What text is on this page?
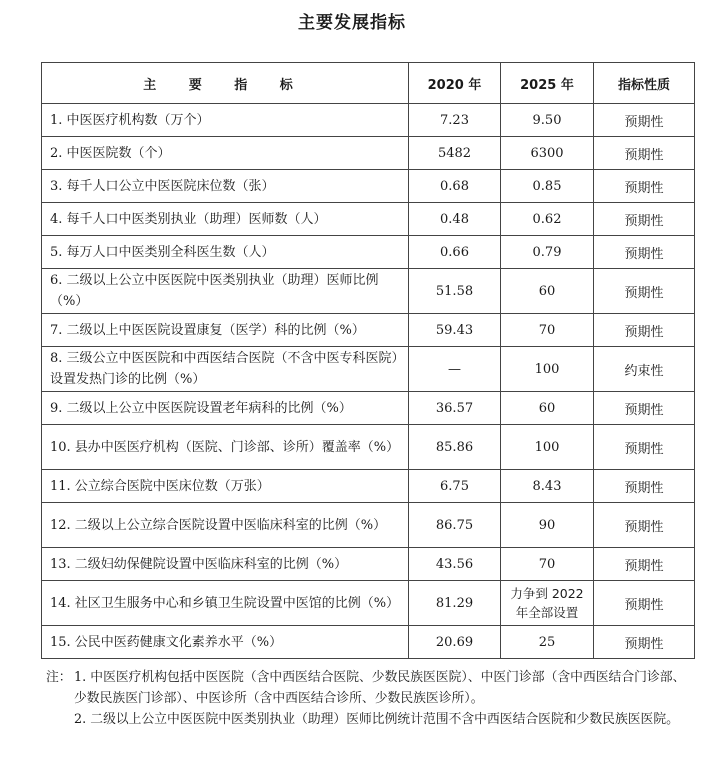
主要发展指标
主 要 指 标	2020 年	2025 年	指标性质
1. 中医医疗机构数（万个）	7.23	9.50	预期性
2. 中医医院数（个）	5482	6300	预期性
3. 每千人口公立中医医院床位数（张）	0.68	0.85	预期性
4. 每千人口中医类别执业（助理）医师数（人）	0.48	0.62	预期性
5. 每万人口中医类别全科医生数（人）	0.66	0.79	预期性
6. 二级以上公立中医医院中医类别执业（助理）医师比例（%）	51.58	60	预期性
7. 二级以上中医医院设置康复（医学）科的比例（%）	59.43	70	预期性
8. 三级公立中医医院和中西医结合医院（不含中医专科医院）设置发热门诊的比例（%）	—	100	约束性
9. 二级以上公立中医医院设置老年病科的比例（%）	36.57	60	预期性
10. 县办中医医疗机构（医院、门诊部、诊所）覆盖率（%）	85.86	100	预期性
11. 公立综合医院中医床位数（万张）	6.75	8.43	预期性
12. 二级以上公立综合医院设置中医临床科室的比例（%）	86.75	90	预期性
13. 二级妇幼保健院设置中医临床科室的比例（%）	43.56	70	预期性
14. 社区卫生服务中心和乡镇卫生院设置中医馆的比例（%）	81.29	力争到 2022 年全部设置	预期性
15. 公民中医药健康文化素养水平（%）	20.69	25	预期性
注： 1. 中医医疗机构包括中医医院（含中西医结合医院、少数民族医医院）、中医门诊部（含中西医结合门诊部、少数民族医门诊部）、中医诊所（含中西医结合诊所、少数民族医诊所）。
2. 二级以上公立中医医院中医类别执业（助理）医师比例统计范围不含中西医结合医院和少数民族医医院。
